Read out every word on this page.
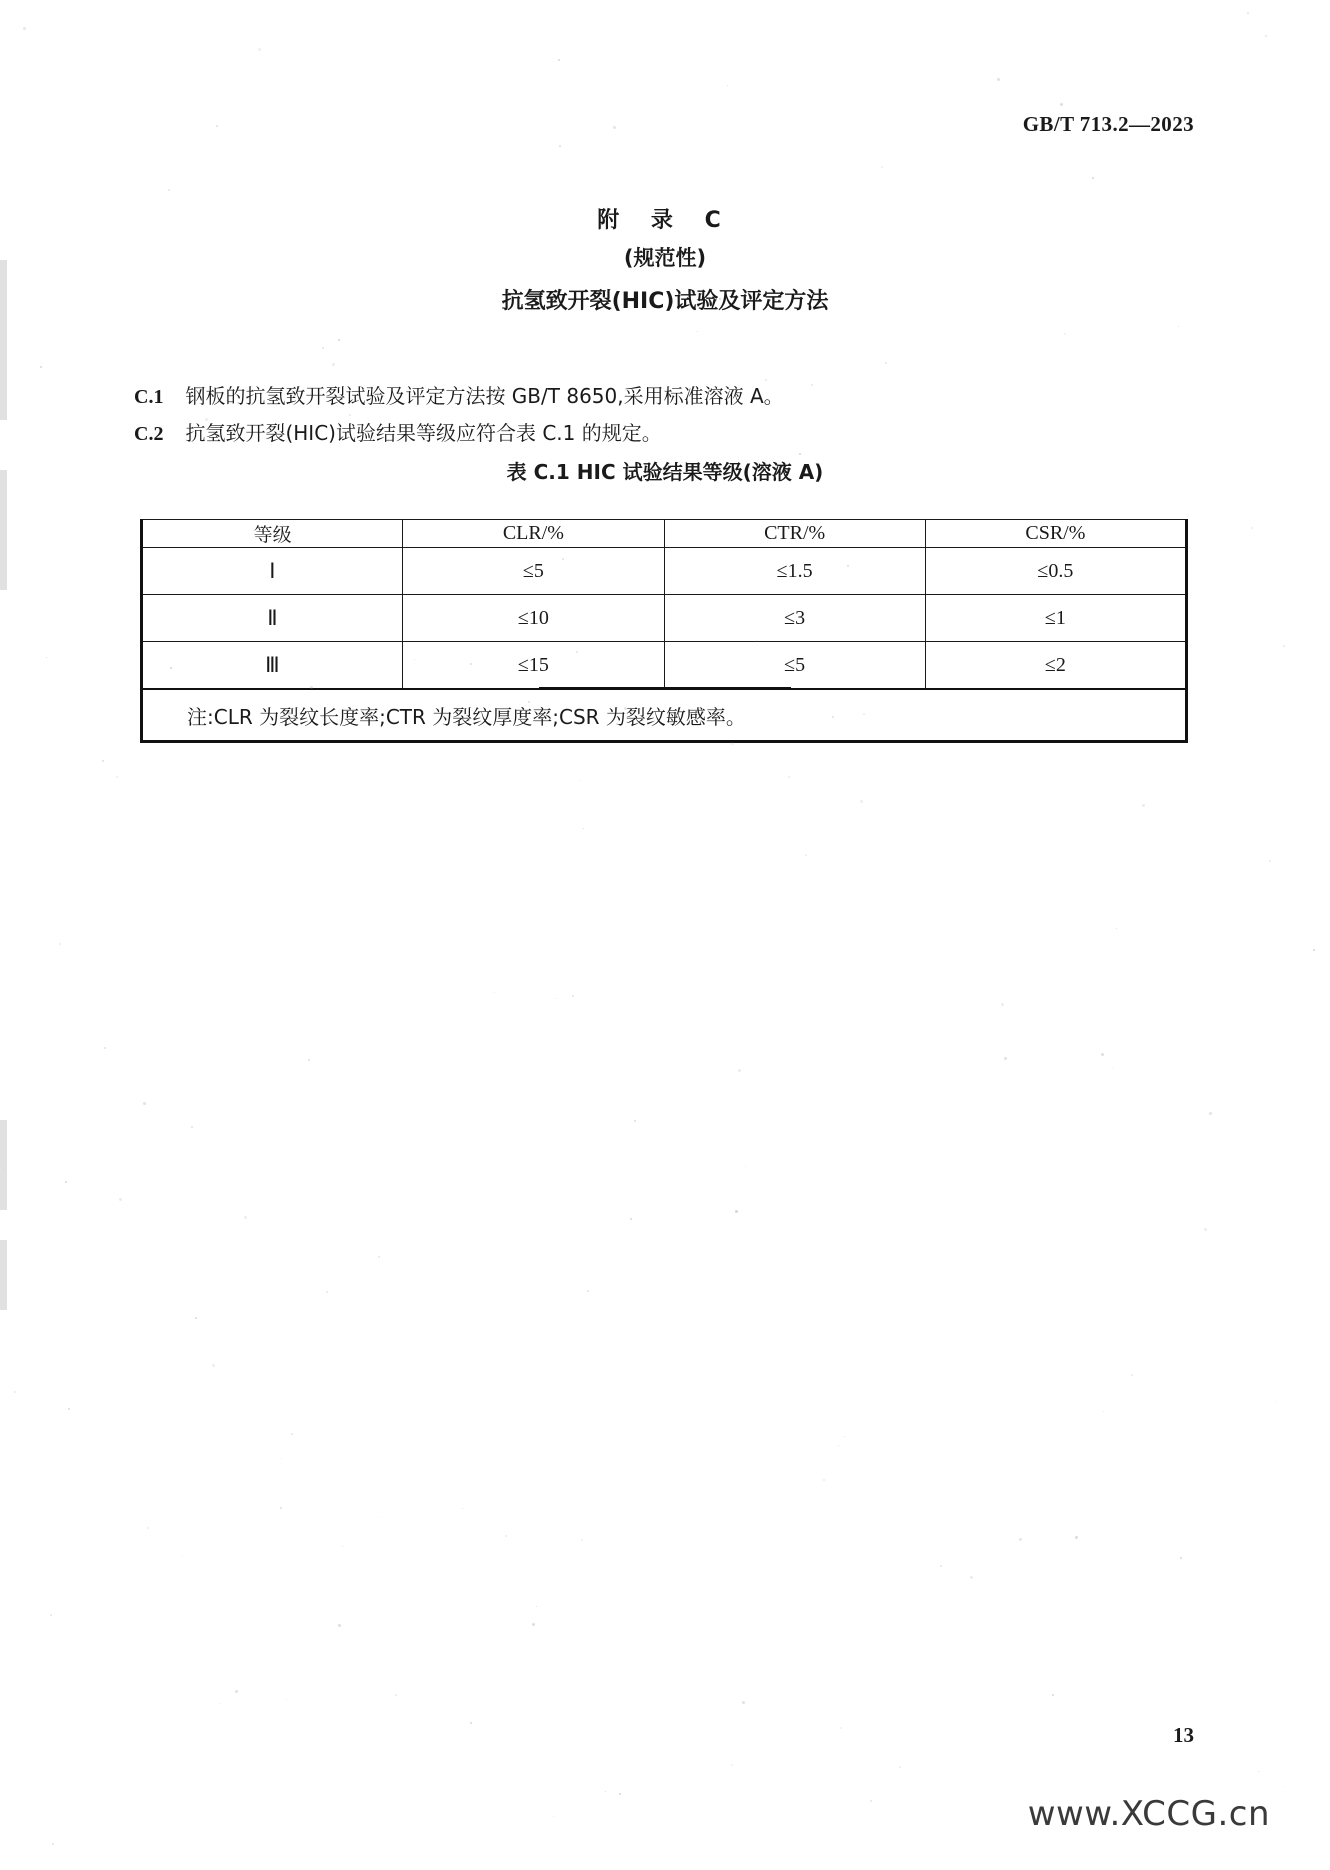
GB/T 713.2—2023
附 录 C
(规范性)
抗氢致开裂(HIC)试验及评定方法
C.1 钢板的抗氢致开裂试验及评定方法按 GB/T 8650,采用标准溶液 A。
C.2 抗氢致开裂(HIC)试验结果等级应符合表 C.1 的规定。
表 C.1 HIC 试验结果等级(溶液 A)
等级	CLR/%	CTR/%	CSR/%
Ⅰ	≤5	≤1.5	≤0.5
Ⅱ	≤10	≤3	≤1
Ⅲ	≤15	≤5	≤2
注:CLR 为裂纹长度率;CTR 为裂纹厚度率;CSR 为裂纹敏感率。			
13
www.XCCG.cn
